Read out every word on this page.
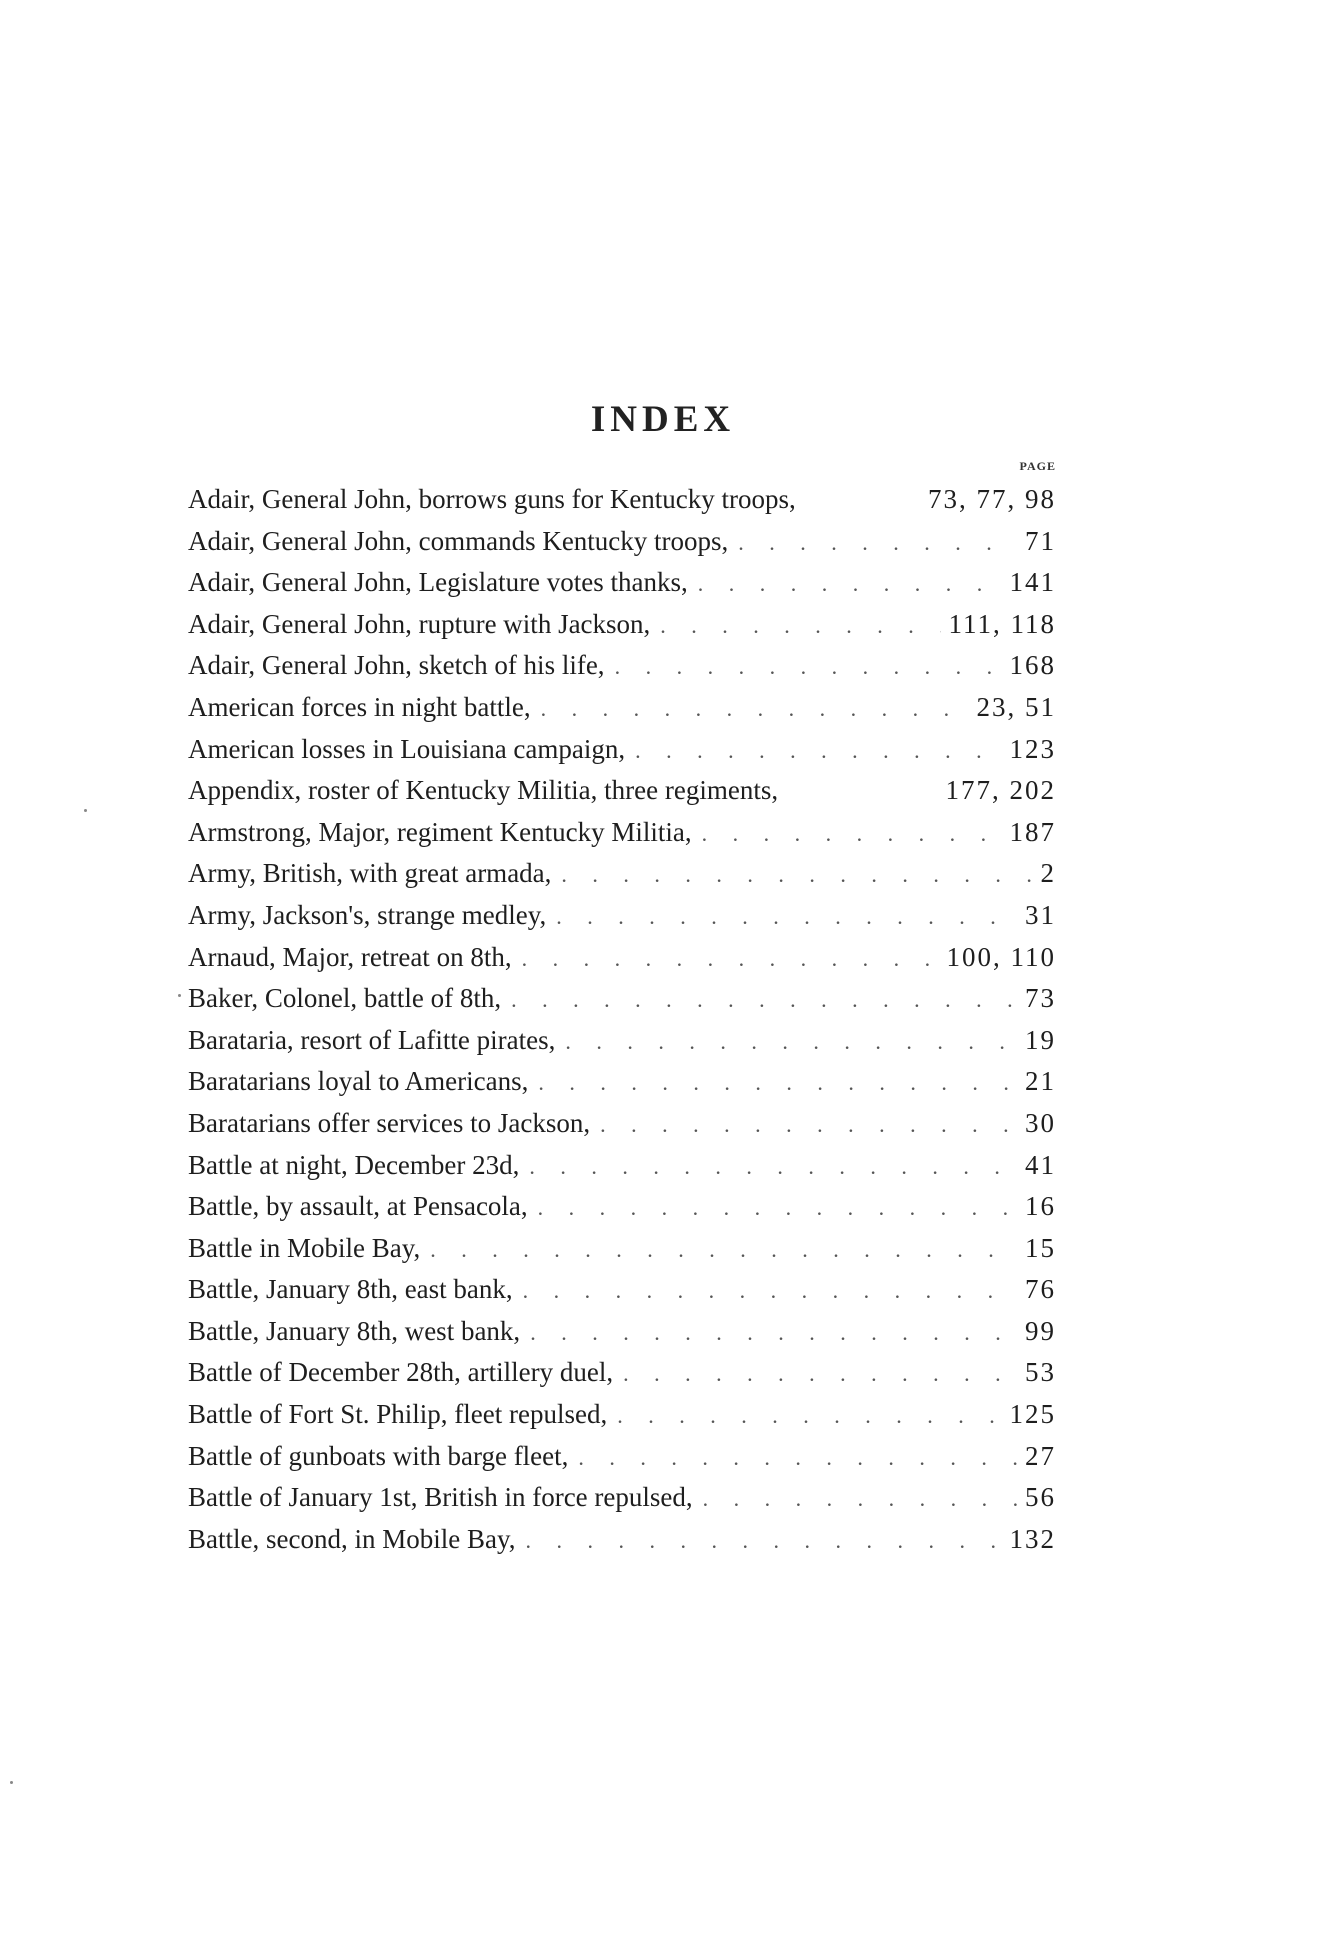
INDEX
PAGE
Adair, General John, borrows guns for Kentucky troops,	73, 77, 98
Adair, General John, commands Kentucky troops, . . .	71
Adair, General John, Legislature votes thanks, . . .	141
Adair, General John, rupture with Jackson, . . .	111, 118
Adair, General John, sketch of his life, . . .	168
American forces in night battle, . . .	23, 51
American losses in Louisiana campaign, . . .	123
Appendix, roster of Kentucky Militia, three regiments,	177, 202
Armstrong, Major, regiment Kentucky Militia, . . .	187
Army, British, with great armada, . . .	2
Army, Jackson's, strange medley, . . .	31
Arnaud, Major, retreat on 8th, . . .	100, 110
Baker, Colonel, battle of 8th, . . .	73
Barataria, resort of Lafitte pirates, . . .	19
Baratarians loyal to Americans, . . .	21
Baratarians offer services to Jackson, . . .	30
Battle at night, December 23d, . . .	41
Battle, by assault, at Pensacola, . . .	16
Battle in Mobile Bay, . . .	15
Battle, January 8th, east bank, . . .	76
Battle, January 8th, west bank, . . .	99
Battle of December 28th, artillery duel, . . .	53
Battle of Fort St. Philip, fleet repulsed, . . .	125
Battle of gunboats with barge fleet, . . .	27
Battle of January 1st, British in force repulsed, . . .	56
Battle, second, in Mobile Bay, . . .	132
